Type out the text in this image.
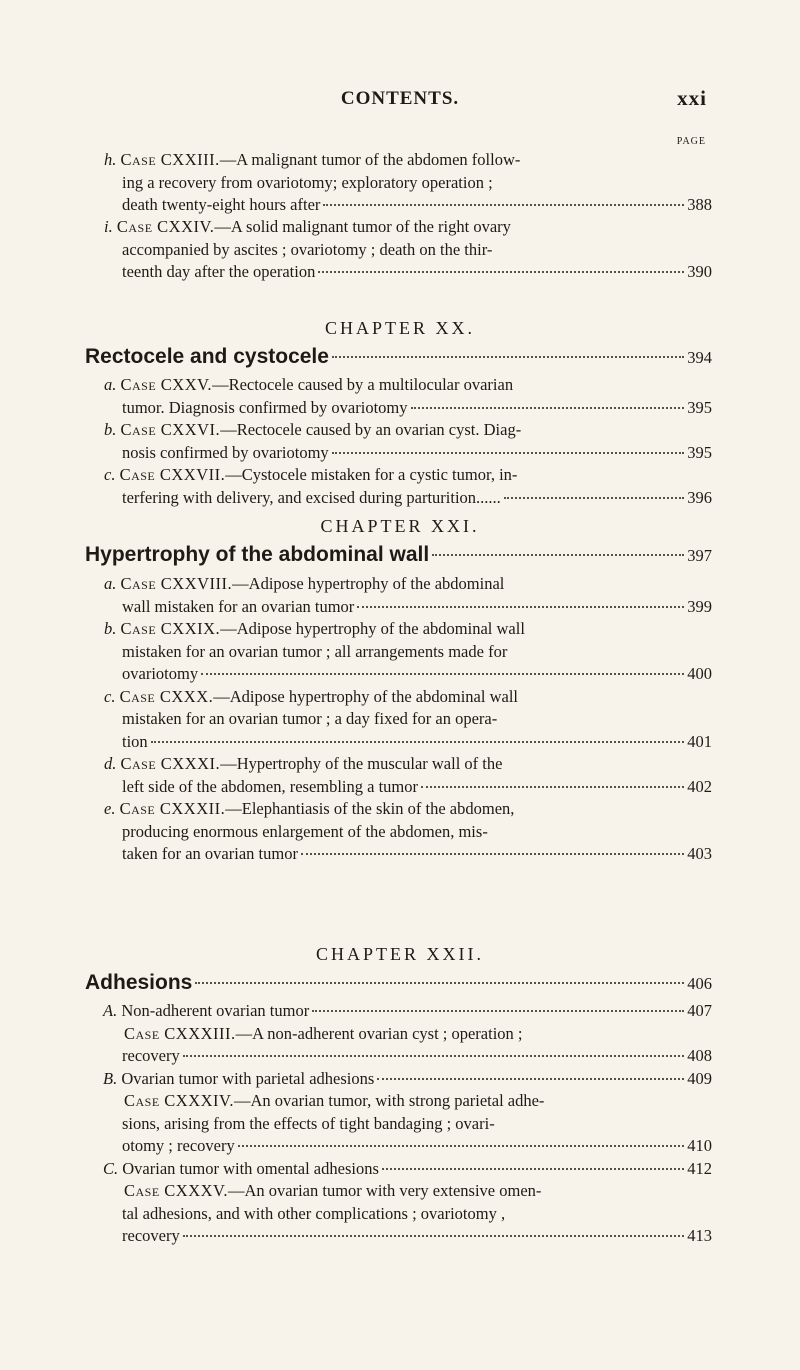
CONTENTS.	xxi
PAGE
h. Case CXXIII.—A malignant tumor of the abdomen follow-
ing a recovery from ovariotomy; exploratory operation ;
death twenty-eight hours after	388
i. Case CXXIV.—A solid malignant tumor of the right ovary
accompanied by ascites ; ovariotomy ; death on the thir-
teenth day after the operation	390
CHAPTER XX.
Rectocele and cystocele	394
a. Case CXXV.—Rectocele caused by a multilocular ovarian
tumor. Diagnosis confirmed by ovariotomy	395
b. Case CXXVI.—Rectocele caused by an ovarian cyst. Diag-
nosis confirmed by ovariotomy	395
c. Case CXXVII.—Cystocele mistaken for a cystic tumor, in-
terfering with delivery, and excised during parturition......	396
CHAPTER XXI.
Hypertrophy of the abdominal wall	397
a. Case CXXVIII.—Adipose hypertrophy of the abdominal
wall mistaken for an ovarian tumor	399
b. Case CXXIX.—Adipose hypertrophy of the abdominal wall
mistaken for an ovarian tumor ; all arrangements made for
ovariotomy	400
c. Case CXXX.—Adipose hypertrophy of the abdominal wall
mistaken for an ovarian tumor ; a day fixed for an opera-
tion	401
d. Case CXXXI.—Hypertrophy of the muscular wall of the
left side of the abdomen, resembling a tumor	402
e. Case CXXXII.—Elephantiasis of the skin of the abdomen,
producing enormous enlargement of the abdomen, mis-
taken for an ovarian tumor	403
CHAPTER XXII.
Adhesions	406
A. Non-adherent ovarian tumor	407
Case CXXXIII.—A non-adherent ovarian cyst ; operation ;
recovery	408
B. Ovarian tumor with parietal adhesions	409
Case CXXXIV.—An ovarian tumor, with strong parietal adhe-
sions, arising from the effects of tight bandaging ; ovari-
otomy ; recovery	410
C. Ovarian tumor with omental adhesions	412
Case CXXXV.—An ovarian tumor with very extensive omen-
tal adhesions, and with other complications ; ovariotomy ,
recovery	413
